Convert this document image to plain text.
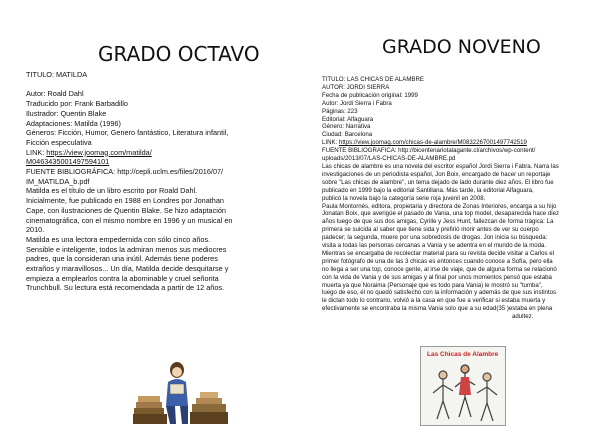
GRADO OCTAVO
TITULO: MATILDA
Autor: Roald Dahl
Traducido por: Frank Barbadillo
Ilustrador: Quentin Blake
Adaptaciones: Matilda (1996)
Géneros: Ficción, Humor, Genero fantástico, Literatura infantil,
Ficción especulativa
LINK: https://view.joomag.com/matilda/
M0463435001497594101
FUENTE BIBLIOGRÁFICA: http://cepli.uclm.es/files/2016/07/
IM_MATILDA_b.pdf
Matilda es el título de un libro escrito por Roald Dahl.
Inicialmente, fue publicado en 1988 en Londres por Jonathan
Cape, con ilustraciones de Quentin Blake. Se hizo adaptación
cinematográfica, con el mismo nombre en 1996 y un musical en
2010.
Matilda es una lectora empedernida con sólo cinco años.
Sensible e inteligente, todos la admiran menos sus mediocres
padres, que la consideran una inútil. Además tiene poderes
extraños y maravillosos... Un día, Matilda decide desquitarse y
empieza a emplearlos contra la abominable y cruel señorita
Trunchbull. Su lectura está recomendada a partir de 12 años.
GRADO NOVENO
TITULO: LAS CHICAS DE ALAMBRE
AUTOR: JORDI SIERRA
Fecha de publicación original: 1999
Autor: Jordi Sierra i Fabra
Páginas: 223
Editorial: Alfaguara
Género: Narrativa
Ciudad: Barcelona
LINK: https://view.joomag.com/chicas-de-alambre/M0832267001497742519
FUENTE BIBLIOGRÁFICA: http://bicentenariotalagante.cl/archivos/wp-content/
uploads/2013/07/LAS-CHICAS-DE-ALAMBRE.pd
Las chicas de alambre es una novela del escritor español Jordi Sierra i Fabra. Narra las
investigaciones de un periodista español, Jon Boix, encargado de hacer un reportaje
sobre "Las chicas de alambre", un tema dejado de lado durante diez años. El libro fue
publicado en 1999 bajo la editorial Santillana. Más tarde, la editorial Alfaguara,
publicó la novela bajo la categoría serie roja juvenil en 2008.
Paula Montornés, editora, propietaria y directora de Zonas Interiores, encarga a su hijo
Jonatan Boix, que averigüe el pasado de Vania, una top model, desaparecida hace diez
años luego de que sus dos amigas, Cyrille y Jess Hunt, fallezcan de forma trágica: La
primera se suicida al saber que tiene sida y prefirió morir antes de ver su cuerpo
padecer; la segunda, muere por una sobredosis de drogas. Jon inicia su búsqueda:
visita a todas las personas cercanas a Vania y se adentra en el mundo de la moda.
Mientras se encargaba de recolectar material para su revista decide visitar a Carlos el
primer fotógrafo de una de las 3 chicas es entonces cuando conoce a Sofía, pero ella
no llega a ser una top, conoce gente, al irse de viaje, que de alguna forma se relacionó
con la vida de Vania y de sus amigas y al final por unos momentos pensó que estaba
muerta ya que Noraima (Personaje que es todo para Vania) le mostró su "tumba",
luego de eso, él no quedó satisfecho con la información y además de que sus instintos
le dictan todo lo contrario, volvió a la casa en que fue a verificar si estaba muerta y
efectivamente se encontraba la misma Vania solo que a su edad(35 )estaba en plena
adultez.
Las Chicas de Alambre
